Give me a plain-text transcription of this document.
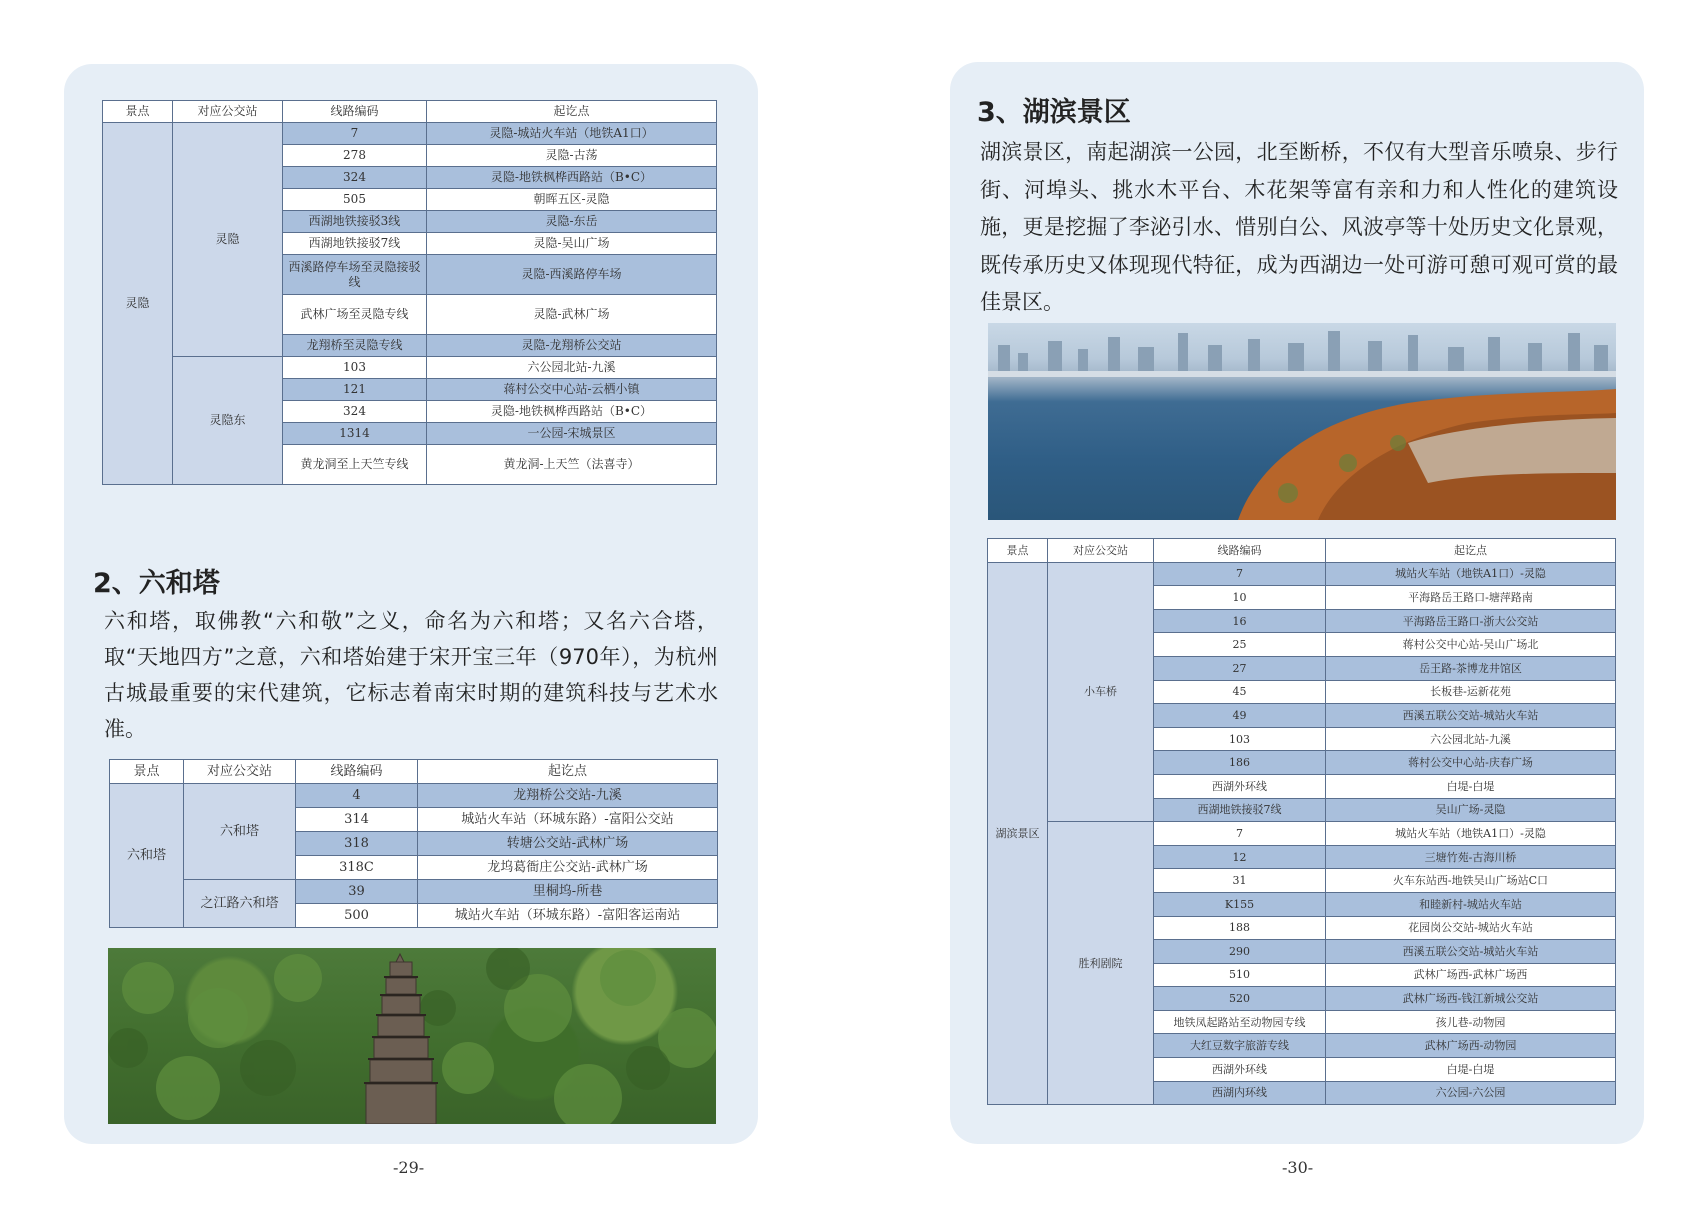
景点	对应公交站	线路编码	起讫点
灵隐	灵隐	7	灵隐-城站火车站（地铁A1口）
		278	灵隐-古荡
		324	灵隐-地铁枫桦西路站（B•C）
		505	朝晖五区-灵隐
		西湖地铁接驳3线	灵隐-东岳
		西湖地铁接驳7线	灵隐-吴山广场
		西溪路停车场至灵隐接驳线	灵隐-西溪路停车场
		武林广场至灵隐专线	灵隐-武林广场
		龙翔桥至灵隐专线	灵隐-龙翔桥公交站
	灵隐东	103	六公园北站-九溪
		121	蒋村公交中心站-云栖小镇
		324	灵隐-地铁枫桦西路站（B•C）
		1314	一公园-宋城景区
		黄龙洞至上天竺专线	黄龙洞-上天竺（法喜寺）
2、六和塔

六和塔，取佛教“六和敬”之义，命名为六和塔；又名六合塔，取“天地四方”之意，六和塔始建于宋开宝三年（970年），为杭州古城最重要的宋代建筑，它标志着南宋时期的建筑科技与艺术水准。

景点	对应公交站	线路编码	起讫点
六和塔	六和塔	4	龙翔桥公交站-九溪
		314	城站火车站（环城东路）-富阳公交站
		318	转塘公交站-武林广场
		318C	龙坞葛衙庄公交站-武林广场
	之江路六和塔	39	里桐坞-所巷
		500	城站火车站（环城东路）-富阳客运南站
-29-	-30-
3、湖滨景区

湖滨景区，南起湖滨一公园，北至断桥，不仅有大型音乐喷泉、步行街、河埠头、挑水木平台、木花架等富有亲和力和人性化的建筑设施，更是挖掘了李泌引水、惜别白公、风波亭等十处历史文化景观，既传承历史又体现现代特征，成为西湖边一处可游可憩可观可赏的最佳景区。

景点	对应公交站	线路编码	起讫点
湖滨景区	小车桥	7	城站火车站（地铁A1口）-灵隐
		10	平海路岳王路口-塘萍路南
		16	平海路岳王路口-浙大公交站
		25	蒋村公交中心站-吴山广场北
		27	岳王路-茶博龙井馆区
		45	长板巷-运新花苑
		49	西溪五联公交站-城站火车站
		103	六公园北站-九溪
		186	蒋村公交中心站-庆春广场
		西湖外环线	白堤-白堤
		西湖地铁接驳7线	吴山广场-灵隐
	胜利剧院	7	城站火车站（地铁A1口）-灵隐
		12	三塘竹苑-古海川桥
		31	火车东站西-地铁吴山广场站C口
		K155	和睦新村-城站火车站
		188	花园岗公交站-城站火车站
		290	西溪五联公交站-城站火车站
		510	武林广场西-武林广场西
		520	武林广场西-钱江新城公交站
		地铁凤起路站至动物园专线	孩儿巷-动物园
		大红豆数字旅游专线	武林广场西-动物园
		西湖外环线	白堤-白堤
		西湖内环线	六公园-六公园
